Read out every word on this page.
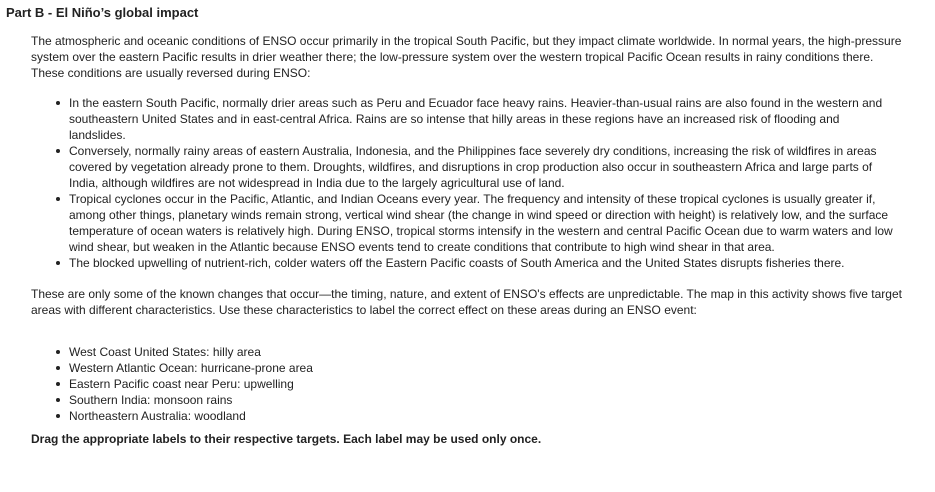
Part B - El Niño’s global impact

The atmospheric and oceanic conditions of ENSO occur primarily in the tropical South Pacific, but they impact climate worldwide. In normal years, the high-pressure system over the eastern Pacific results in drier weather there; the low-pressure system over the western tropical Pacific Ocean results in rainy conditions there. These conditions are usually reversed during ENSO:

In the eastern South Pacific, normally drier areas such as Peru and Ecuador face heavy rains. Heavier-than-usual rains are also found in the western and southeastern United States and in east-central Africa. Rains are so intense that hilly areas in these regions have an increased risk of flooding and landslides.
Conversely, normally rainy areas of eastern Australia, Indonesia, and the Philippines face severely dry conditions, increasing the risk of wildfires in areas covered by vegetation already prone to them. Droughts, wildfires, and disruptions in crop production also occur in southeastern Africa and large parts of India, although wildfires are not widespread in India due to the largely agricultural use of land.
Tropical cyclones occur in the Pacific, Atlantic, and Indian Oceans every year. The frequency and intensity of these tropical cyclones is usually greater if, among other things, planetary winds remain strong, vertical wind shear (the change in wind speed or direction with height) is relatively low, and the surface temperature of ocean waters is relatively high. During ENSO, tropical storms intensify in the western and central Pacific Ocean due to warm waters and low wind shear, but weaken in the Atlantic because ENSO events tend to create conditions that contribute to high wind shear in that area.
The blocked upwelling of nutrient-rich, colder waters off the Eastern Pacific coasts of South America and the United States disrupts fisheries there.

These are only some of the known changes that occur—the timing, nature, and extent of ENSO's effects are unpredictable. The map in this activity shows five target areas with different characteristics. Use these characteristics to label the correct effect on these areas during an ENSO event:

West Coast United States: hilly area
Western Atlantic Ocean: hurricane-prone area
Eastern Pacific coast near Peru: upwelling
Southern India: monsoon rains
Northeastern Australia: woodland

Drag the appropriate labels to their respective targets. Each label may be used only once.
